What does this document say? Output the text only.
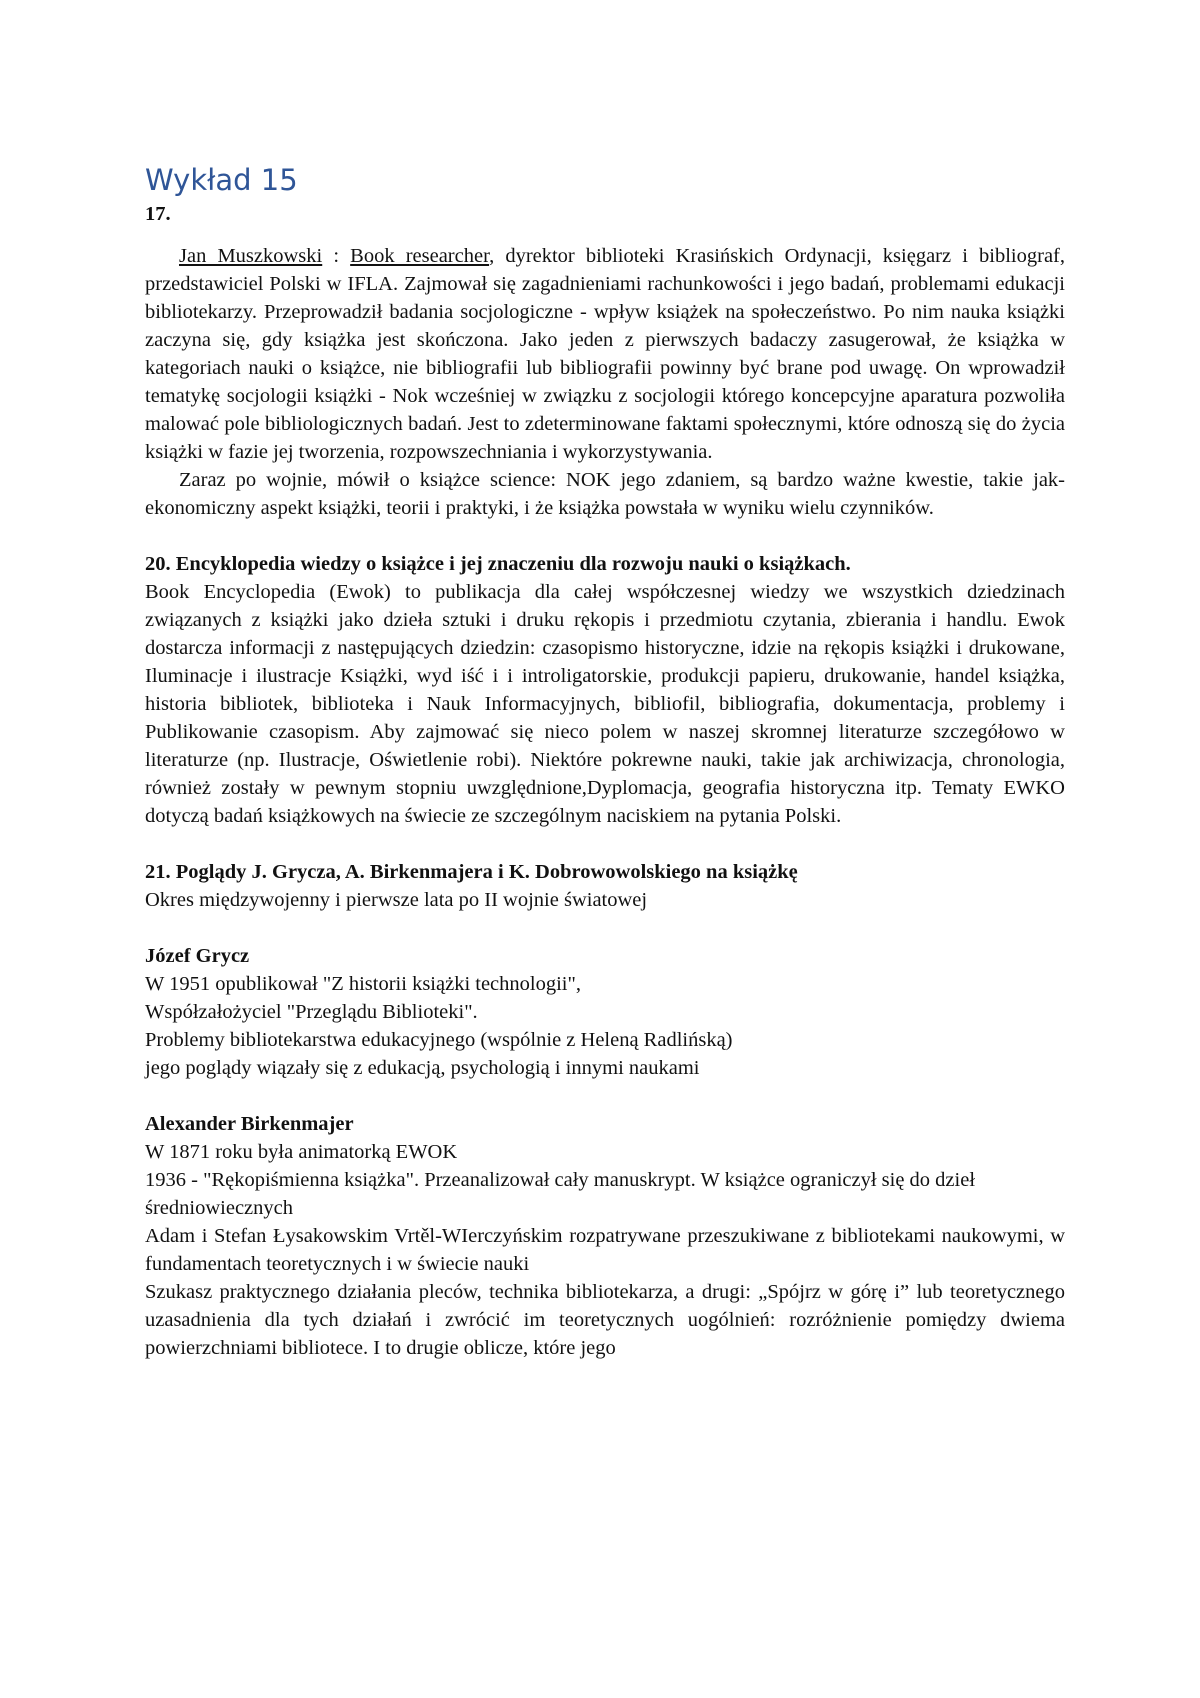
Wykład 15

17.

Jan Muszkowski : Book researcher, dyrektor biblioteki Krasińskich Ordynacji, księgarz i bibliograf, przedstawiciel Polski w IFLA. Zajmował się zagadnieniami rachunkowości i jego badań, problemami edukacji bibliotekarzy. Przeprowadził badania socjologiczne - wpływ książek na społeczeństwo. Po nim nauka książki zaczyna się, gdy książka jest skończona. Jako jeden z pierwszych badaczy zasugerował, że książka w kategoriach nauki o książce, nie bibliografii lub bibliografii powinny być brane pod uwagę. On wprowadził tematykę socjologii książki - Nok wcześniej w związku z socjologii którego koncepcyjne aparatura pozwoliła malować pole bibliologicznych badań. Jest to zdeterminowane faktami społecznymi, które odnoszą się do życia książki w fazie jej tworzenia, rozpowszechniania i wykorzystywania.

Zaraz po wojnie, mówił o książce science: NOK jego zdaniem, są bardzo ważne kwestie, takie jak- ekonomiczny aspekt książki, teorii i praktyki, i że książka powstała w wyniku wielu czynników.

20. Encyklopedia wiedzy o książce i jej znaczeniu dla rozwoju nauki o książkach.

Book Encyclopedia (Ewok) to publikacja dla całej współczesnej wiedzy we wszystkich dziedzinach związanych z książki jako dzieła sztuki i druku rękopis i przedmiotu czytania, zbierania i handlu. Ewok dostarcza informacji z następujących dziedzin: czasopismo historyczne, idzie na rękopis książki i drukowane, Iluminacje i ilustracje Książki, wyd iść i i introligatorskie, produkcji papieru, drukowanie, handel książka, historia bibliotek, biblioteka i Nauk Informacyjnych, bibliofil, bibliografia, dokumentacja, problemy i Publikowanie czasopism. Aby zajmować się nieco polem w naszej skromnej literaturze szczegółowo w literaturze (np. Ilustracje, Oświetlenie robi). Niektóre pokrewne nauki, takie jak archiwizacja, chronologia, również zostały w pewnym stopniu uwzględnione,Dyplomacja, geografia historyczna itp. Tematy EWKO dotyczą badań książkowych na świecie ze szczególnym naciskiem na pytania Polski.

21. Poglądy J. Grycza, A. Birkenmajera i K. Dobrowowolskiego na książkę

Okres międzywojenny i pierwsze lata po II wojnie światowej

Józef Grycz

W 1951 opublikował "Z historii książki technologii",

Współzałożyciel "Przeglądu Biblioteki".

Problemy bibliotekarstwa edukacyjnego (wspólnie z Heleną Radlińską)

jego poglądy wiązały się z edukacją, psychologią i innymi naukami

Alexander Birkenmajer

W 1871 roku była animatorką EWOK

1936 - "Rękopiśmienna książka". Przeanalizował cały manuskrypt. W książce ograniczył się do dzieł średniowiecznych

Adam i Stefan Łysakowskim Vrtěl-WIerczyńskim rozpatrywane przeszukiwane z bibliotekami naukowymi, w fundamentach teoretycznych i w świecie nauki

Szukasz praktycznego działania pleców, technika bibliotekarza, a drugi: „Spójrz w górę i” lub teoretycznego uzasadnienia dla tych działań i zwrócić im teoretycznych uogólnień: rozróżnienie pomiędzy dwiema powierzchniami bibliotece. I to drugie oblicze, które jego
